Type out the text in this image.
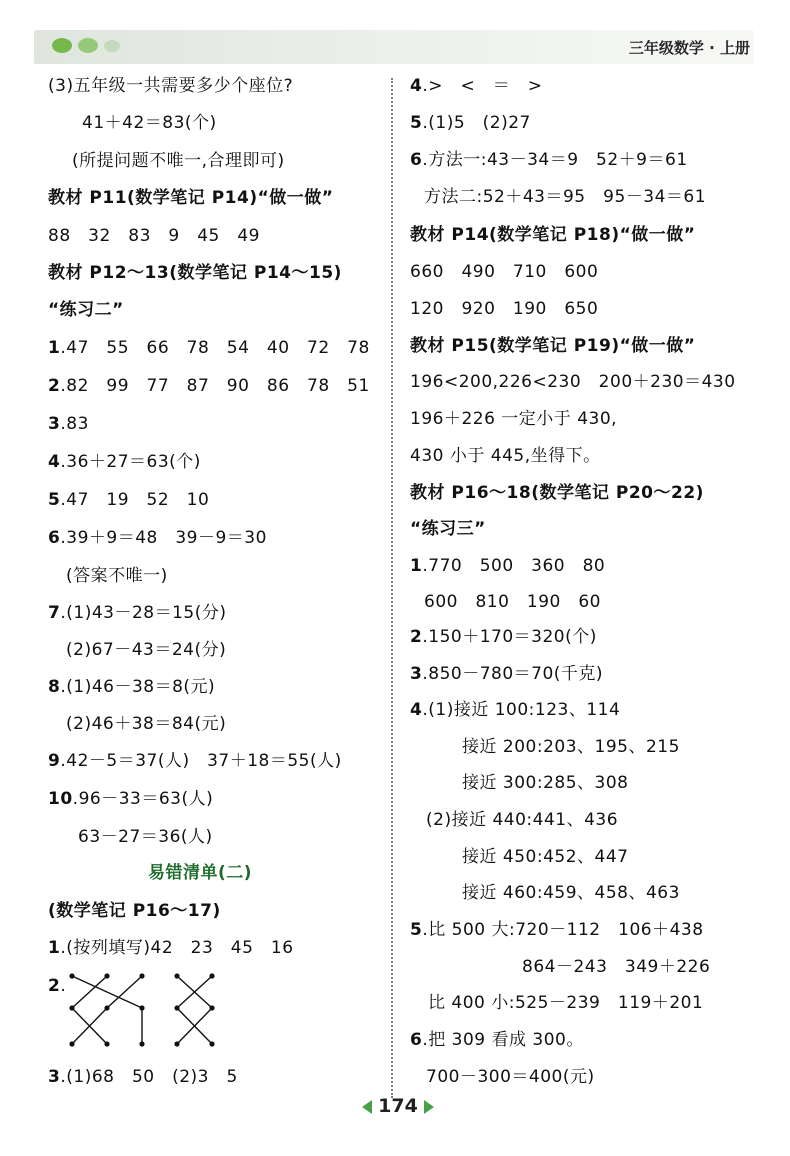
三年级数学 · 上册
(3)五年级一共需要多少个座位?
41＋42＝83(个)
(所提问题不唯一,合理即可)
教材 P11(数学笔记 P14)“做一做”
88　32　83　9　45　49
教材 P12～13(数学笔记 P14～15)
“练习二”
1.47　55　66　78　54　40　72　78
2.82　99　77　87　90　86　78　51
3.83
4.36＋27＝63(个)
5.47　19　52　10
6.39＋9＝48　39－9＝30
(答案不唯一)
7.(1)43－28＝15(分)
(2)67－43＝24(分)
8.(1)46－38＝8(元)
(2)46＋38＝84(元)
9.42－5＝37(人)　37＋18＝55(人)
10.96－33＝63(人)
63－27＝36(人)
易错清单(二)
(数学笔记 P16～17)
1.(按列填写)42　23　45　16
2.
3.(1)68　50　(2)3　5
4.>　<　＝　>
5.(1)5　(2)27
6.方法一:43－34＝9　52＋9＝61
方法二:52＋43＝95　95－34＝61
教材 P14(数学笔记 P18)“做一做”
660　490　710　600
120　920　190　650
教材 P15(数学笔记 P19)“做一做”
196<200,226<230　200＋230＝430
196＋226 一定小于 430,
430 小于 445,坐得下。
教材 P16～18(数学笔记 P20～22)
“练习三”
1.770　500　360　80
600　810　190　60
2.150＋170＝320(个)
3.850－780＝70(千克)
4.(1)接近 100:123、114
接近 200:203、195、215
接近 300:285、308
(2)接近 440:441、436
接近 450:452、447
接近 460:459、458、463
5.比 500 大:720－112　106＋438
864－243　349＋226
比 400 小:525－239　119＋201
6.把 309 看成 300。
700－300＝400(元)
174
